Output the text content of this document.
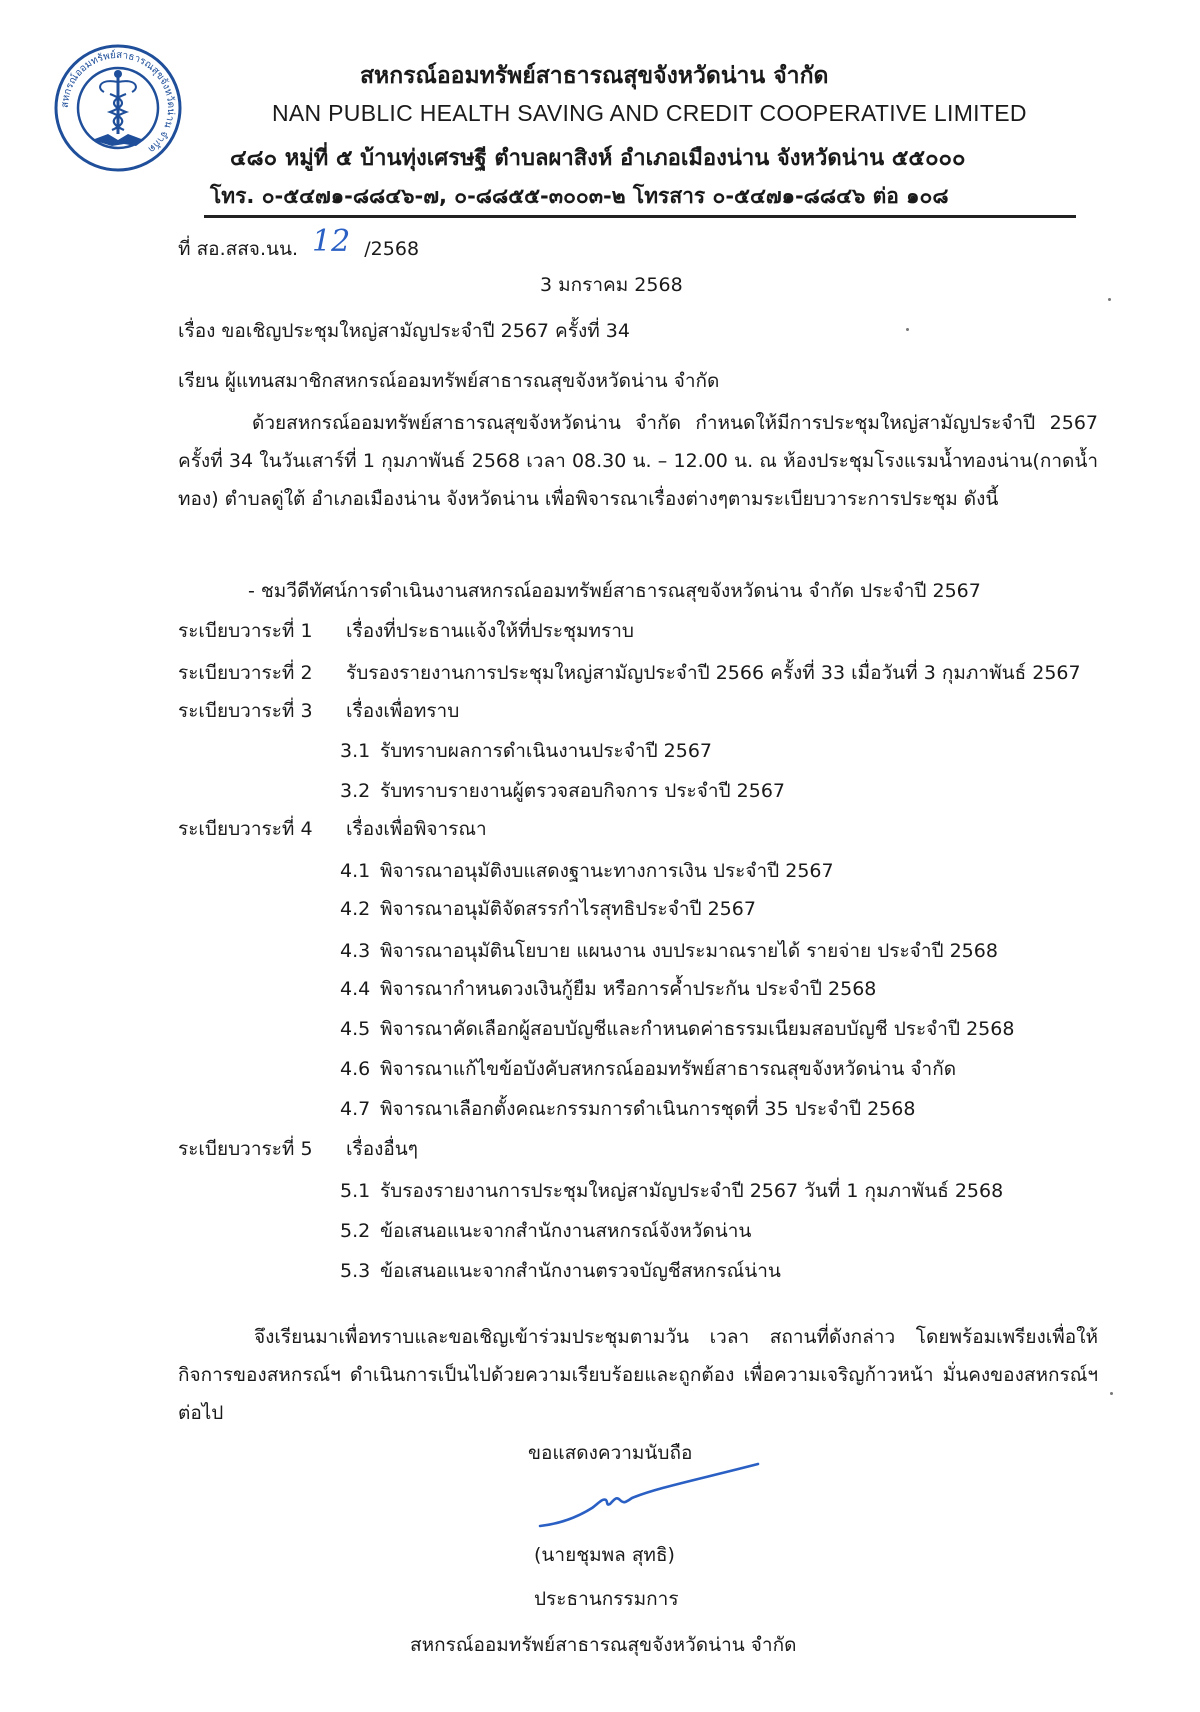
สหกรณ์ออมทรัพย์สาธารณสุขจังหวัดน่าน จำกัด
สหกรณ์ออมทรัพย์สาธารณสุขจังหวัดน่าน จำกัด
NAN PUBLIC HEALTH SAVING AND CREDIT COOPERATIVE LIMITED
๔๘๐ หมู่ที่ ๕ บ้านทุ่งเศรษฐี ตำบลผาสิงห์ อำเภอเมืองน่าน จังหวัดน่าน ๕๕๐๐๐
โทร. ๐-๕๔๗๑-๘๘๔๖-๗, ๐-๘๘๕๕-๓๐๐๓-๒ โทรสาร ๐-๕๔๗๑-๘๘๔๖ ต่อ ๑๐๘
ที่ สอ.สสจ.นน. 12 /2568
3 มกราคม 2568
เรื่อง ขอเชิญประชุมใหญ่สามัญประจำปี 2567 ครั้งที่ 34
เรียน ผู้แทนสมาชิกสหกรณ์ออมทรัพย์สาธารณสุขจังหวัดน่าน จำกัด
ด้วยสหกรณ์ออมทรัพย์สาธารณสุขจังหวัดน่าน จำกัด กำหนดให้มีการประชุมใหญ่สามัญประจำปี 2567 ครั้งที่ 34 ในวันเสาร์ที่ 1 กุมภาพันธ์ 2568 เวลา 08.30 น. – 12.00 น. ณ ห้องประชุมโรงแรมน้ำทองน่าน(กาดน้ำทอง) ตำบลดู่ใต้ อำเภอเมืองน่าน จังหวัดน่าน เพื่อพิจารณาเรื่องต่างๆตามระเบียบวาระการประชุม ดังนี้
- ชมวีดีทัศน์การดำเนินงานสหกรณ์ออมทรัพย์สาธารณสุขจังหวัดน่าน จำกัด ประจำปี 2567
ระเบียบวาระที่ 1 เรื่องที่ประธานแจ้งให้ที่ประชุมทราบ
ระเบียบวาระที่ 2 รับรองรายงานการประชุมใหญ่สามัญประจำปี 2566 ครั้งที่ 33 เมื่อวันที่ 3 กุมภาพันธ์ 2567
ระเบียบวาระที่ 3 เรื่องเพื่อทราบ
3.1 รับทราบผลการดำเนินงานประจำปี 2567
3.2 รับทราบรายงานผู้ตรวจสอบกิจการ ประจำปี 2567
ระเบียบวาระที่ 4 เรื่องเพื่อพิจารณา
4.1 พิจารณาอนุมัติงบแสดงฐานะทางการเงิน ประจำปี 2567
4.2 พิจารณาอนุมัติจัดสรรกำไรสุทธิประจำปี 2567
4.3 พิจารณาอนุมัตินโยบาย แผนงาน งบประมาณรายได้ รายจ่าย ประจำปี 2568
4.4 พิจารณากำหนดวงเงินกู้ยืม หรือการค้ำประกัน ประจำปี 2568
4.5 พิจารณาคัดเลือกผู้สอบบัญชีและกำหนดค่าธรรมเนียมสอบบัญชี ประจำปี 2568
4.6 พิจารณาแก้ไขข้อบังคับสหกรณ์ออมทรัพย์สาธารณสุขจังหวัดน่าน จำกัด
4.7 พิจารณาเลือกตั้งคณะกรรมการดำเนินการชุดที่ 35 ประจำปี 2568
ระเบียบวาระที่ 5 เรื่องอื่นๆ
5.1 รับรองรายงานการประชุมใหญ่สามัญประจำปี 2567 วันที่ 1 กุมภาพันธ์ 2568
5.2 ข้อเสนอแนะจากสำนักงานสหกรณ์จังหวัดน่าน
5.3 ข้อเสนอแนะจากสำนักงานตรวจบัญชีสหกรณ์น่าน
จึงเรียนมาเพื่อทราบและขอเชิญเข้าร่วมประชุมตามวัน เวลา สถานที่ดังกล่าว โดยพร้อมเพรียงเพื่อให้กิจการของสหกรณ์ฯ ดำเนินการเป็นไปด้วยความเรียบร้อยและถูกต้อง เพื่อความเจริญก้าวหน้า มั่นคงของสหกรณ์ฯ ต่อไป
ขอแสดงความนับถือ
(นายชุมพล สุทธิ)
ประธานกรรมการ
สหกรณ์ออมทรัพย์สาธารณสุขจังหวัดน่าน จำกัด
